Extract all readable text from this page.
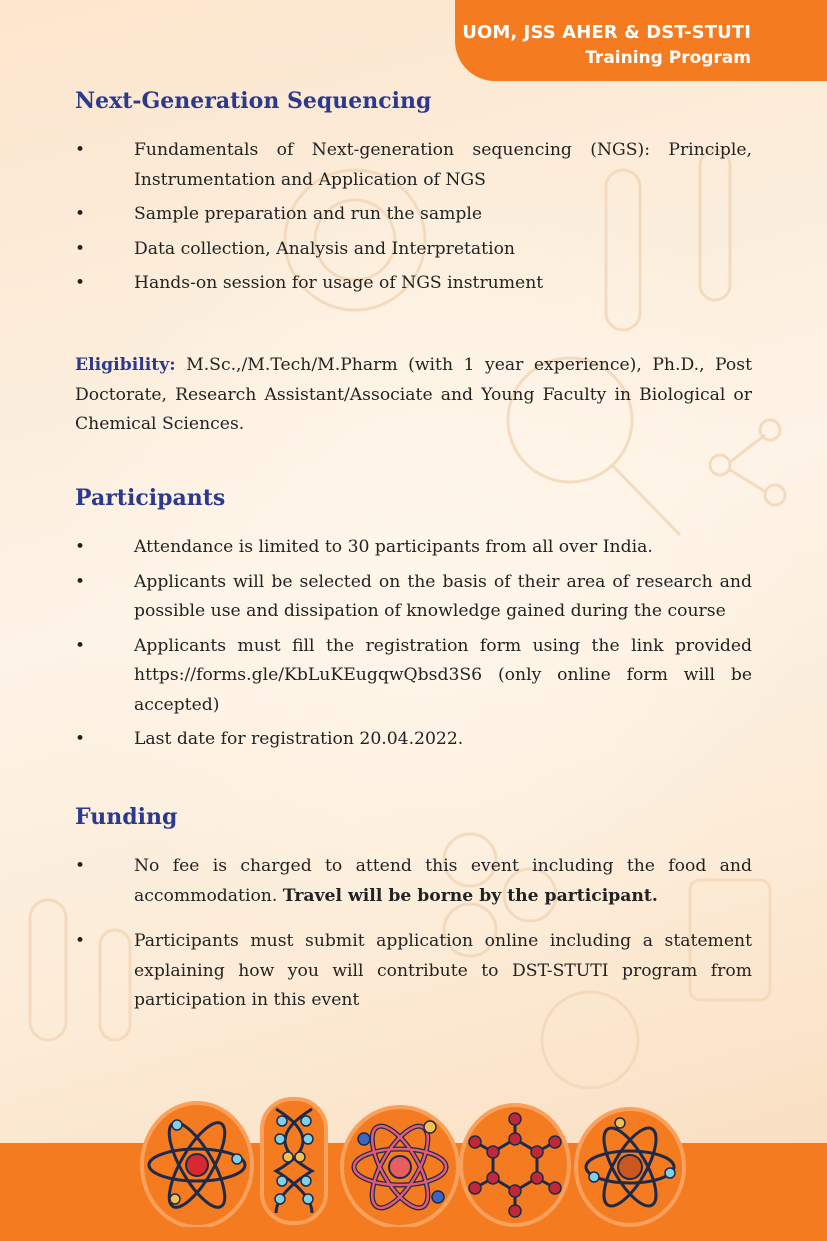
UOM, JSS AHER & DST-STUTI
Training Program
Next-Generation Sequencing
•	Fundamentals of Next-generation sequencing (NGS): Principle, Instrumentation and Application of NGS
•	Sample preparation and run the sample
•	Data collection, Analysis and Interpretation
•	Hands-on session for usage of NGS instrument

Eligibility: M.Sc.,/M.Tech/M.Pharm (with 1 year experience), Ph.D., Post Doctorate, Research Assistant/Associate and Young Faculty in Biological or Chemical Sciences.

Participants
•	Attendance is limited to 30 participants from all over India.
•	Applicants will be selected on the basis of their area of research and possible use and dissipation of knowledge gained during the course
•	Applicants must fill the registration form using the link provided https://forms.gle/KbLuKEugqwQbsd3S6 (only online form will be accepted)
•	Last date for registration 20.04.2022.
Funding
•	No fee is charged to attend this event including the food and accommodation. Travel will be borne by the participant.
•	Participants must submit application online including a statement explaining how you will contribute to DST-STUTI program from participation in this event
